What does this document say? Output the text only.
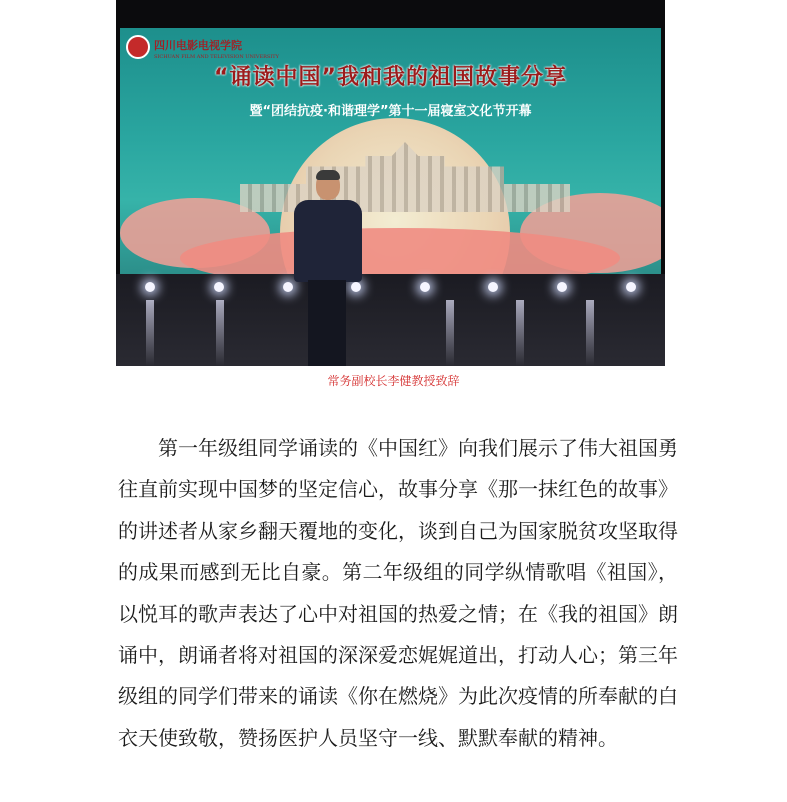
四川电影电视学院
SICHUAN FILM AND TELEVISION UNIVERSITY
“诵读中国”我和我的祖国故事分享
暨“团结抗疫·和谐理学”第十一届寝室文化节开幕
常务副校长李健教授致辞

第一年级组同学诵读的《中国红》向我们展示了伟大祖国勇往直前实现中国梦的坚定信心，故事分享《那一抹红色的故事》的讲述者从家乡翻天覆地的变化，谈到自己为国家脱贫攻坚取得的成果而感到无比自豪。第二年级组的同学纵情歌唱《祖国》，以悦耳的歌声表达了心中对祖国的热爱之情；在《我的祖国》朗诵中，朗诵者将对祖国的深深爱恋娓娓道出，打动人心；第三年级组的同学们带来的诵读《你在燃烧》为此次疫情的所奉献的白衣天使致敬，赞扬医护人员坚守一线、默默奉献的精神。
